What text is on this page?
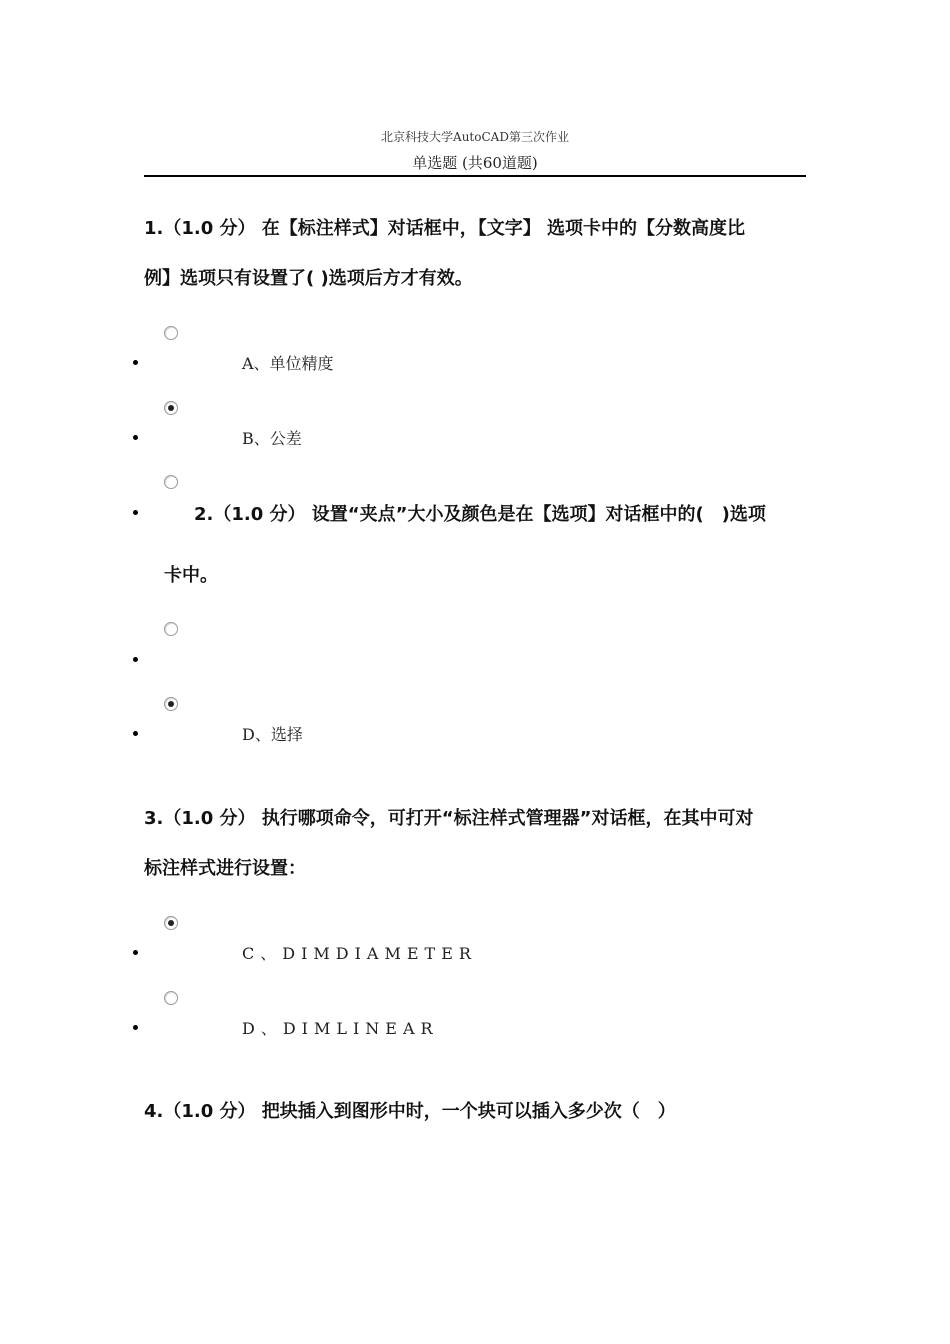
北京科技大学AutoCAD第三次作业
单选题 (共60道题)
1.（1.0 分） 在【标注样式】对话框中，【文字】 选项卡中的【分数高度比
例】选项只有设置了( )选项后方才有效。
A、单位精度
B、公差
2.（1.0 分） 设置“夹点”大小及颜色是在【选项】对话框中的(　)选项
卡中。
D、选择
3.（1.0 分） 执行哪项命令，可打开“标注样式管理器”对话框，在其中可对
标注样式进行设置：
C、DIMDIAMETER
D、DIMLINEAR
4.（1.0 分） 把块插入到图形中时，一个块可以插入多少次（　）
